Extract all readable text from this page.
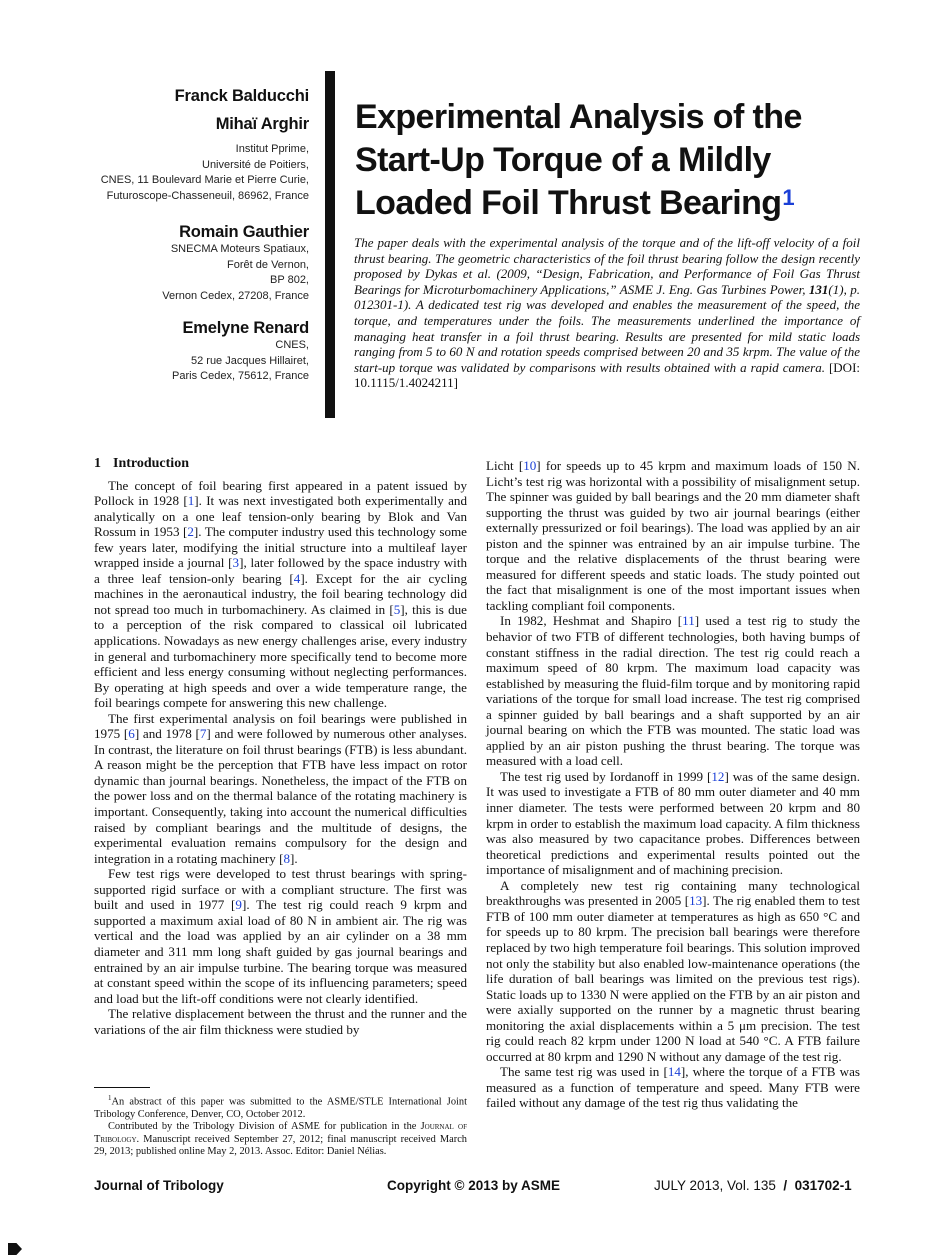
Franck Balducchi
Mihaï Arghir
Institut Pprime,
Université de Poitiers,
CNES, 11 Boulevard Marie et Pierre Curie,
Futuroscope-Chasseneuil, 86962, France
Romain Gauthier
SNECMA Moteurs Spatiaux,
Forêt de Vernon,
BP 802,
Vernon Cedex, 27208, France
Emelyne Renard
CNES,
52 rue Jacques Hillairet,
Paris Cedex, 75612, France
Experimental Analysis of the
Start-Up Torque of a Mildly
Loaded Foil Thrust Bearing$^1$

The paper deals with the experimental analysis of the torque and of the lift-off velocity of a foil thrust bearing. The geometric characteristics of the foil thrust bearing follow the design recently proposed by Dykas et al. (2009, “Design, Fabrication, and Performance of Foil Gas Thrust Bearings for Microturbomachinery Applications,” ASME J. Eng. Gas Turbines Power, 131(1), p. 012301-1). A dedicated test rig was developed and enables the measurement of the speed, the torque, and temperatures under the foils. The measurements underlined the importance of managing heat transfer in a foil thrust bearing. Results are presented for mild static loads ranging from 5 to 60 N and rotation speeds comprised between 20 and 35 krpm. The value of the start-up torque was validated by comparisons with results obtained with a rapid camera. [DOI: 10.1115/1.4024211]

1 Introduction

The concept of foil bearing first appeared in a patent issued by Pollock in 1928 [1]. It was next investigated both experimentally and analytically on a one leaf tension-only bearing by Blok and Van Rossum in 1953 [2]. The computer industry used this technology some few years later, modifying the initial structure into a multileaf layer wrapped inside a journal [3], later followed by the space industry with a three leaf tension-only bearing [4]. Except for the air cycling machines in the aeronautical industry, the foil bearing technology did not spread too much in turbomachinery. As claimed in [5], this is due to a perception of the risk compared to classical oil lubricated applications. Nowadays as new energy challenges arise, every industry in general and turbomachinery more specifically tend to become more efficient and less energy consuming without neglecting performances. By operating at high speeds and over a wide temperature range, the foil bearings compete for answering this new challenge.

The first experimental analysis on foil bearings were published in 1975 [6] and 1978 [7] and were followed by numerous other analyses. In contrast, the literature on foil thrust bearings (FTB) is less abundant. A reason might be the perception that FTB have less impact on rotor dynamic than journal bearings. Nonetheless, the impact of the FTB on the power loss and on the thermal balance of the rotating machinery is important. Consequently, taking into account the numerical difficulties raised by compliant bearings and the multitude of designs, the experimental evaluation remains compulsory for the design and integration in a rotating machinery [8].

Few test rigs were developed to test thrust bearings with spring-supported rigid surface or with a compliant structure. The first was built and used in 1977 [9]. The test rig could reach 9 krpm and supported a maximum axial load of 80 N in ambient air. The rig was vertical and the load was applied by an air cylinder on a 38 mm diameter and 311 mm long shaft guided by gas journal bearings and entrained by an air impulse turbine. The bearing torque was measured at constant speed within the scope of its influencing parameters; speed and load but the lift-off conditions were not clearly identified.

The relative displacement between the thrust and the runner and the variations of the air film thickness were studied by

Licht [10] for speeds up to 45 krpm and maximum loads of 150 N. Licht’s test rig was horizontal with a possibility of misalignment setup. The spinner was guided by ball bearings and the 20 mm diameter shaft supporting the thrust was guided by two air journal bearings (either externally pressurized or foil bearings). The load was applied by an air piston and the spinner was entrained by an air impulse turbine. The torque and the relative displacements of the thrust bearing were measured for different speeds and static loads. The study pointed out the fact that misalignment is one of the most important issues when tackling compliant foil components.

In 1982, Heshmat and Shapiro [11] used a test rig to study the behavior of two FTB of different technologies, both having bumps of constant stiffness in the radial direction. The test rig could reach a maximum speed of 80 krpm. The maximum load capacity was established by measuring the fluid-film torque and by monitoring rapid variations of the torque for small load increase. The test rig comprised a spinner guided by ball bearings and a shaft supported by an air journal bearing on which the FTB was mounted. The static load was applied by an air piston pushing the thrust bearing. The torque was measured with a load cell.

The test rig used by Iordanoff in 1999 [12] was of the same design. It was used to investigate a FTB of 80 mm outer diameter and 40 mm inner diameter. The tests were performed between 20 krpm and 80 krpm in order to establish the maximum load capacity. A film thickness was also measured by two capacitance probes. Differences between theoretical predictions and experimental results pointed out the importance of misalignment and of machining precision.

A completely new test rig containing many technological breakthroughs was presented in 2005 [13]. The rig enabled them to test FTB of 100 mm outer diameter at temperatures as high as 650 °C and for speeds up to 80 krpm. The precision ball bearings were therefore replaced by two high temperature foil bearings. This solution improved not only the stability but also enabled low-maintenance operations (the life duration of ball bearings was limited on the previous test rigs). Static loads up to 1330 N were applied on the FTB by an air piston and were axially supported on the runner by a magnetic thrust bearing monitoring the axial displacements within a 5 μm precision. The test rig could reach 82 krpm under 1200 N load at 540 °C. A FTB failure occurred at 80 krpm and 1290 N without any damage of the test rig.

The same test rig was used in [14], where the torque of a FTB was measured as a function of temperature and speed. Many FTB were failed without any damage of the test rig thus validating the

$^1$An abstract of this paper was submitted to the ASME/STLE International Joint Tribology Conference, Denver, CO, October 2012.

Contributed by the Tribology Division of ASME for publication in the Journal of Tribology. Manuscript received September 27, 2012; final manuscript received March 29, 2013; published online May 2, 2013. Assoc. Editor: Daniel Nélias.

Journal of Tribology	Copyright © 2013 by ASME	JULY 2013, Vol. 135 / 031702-1
